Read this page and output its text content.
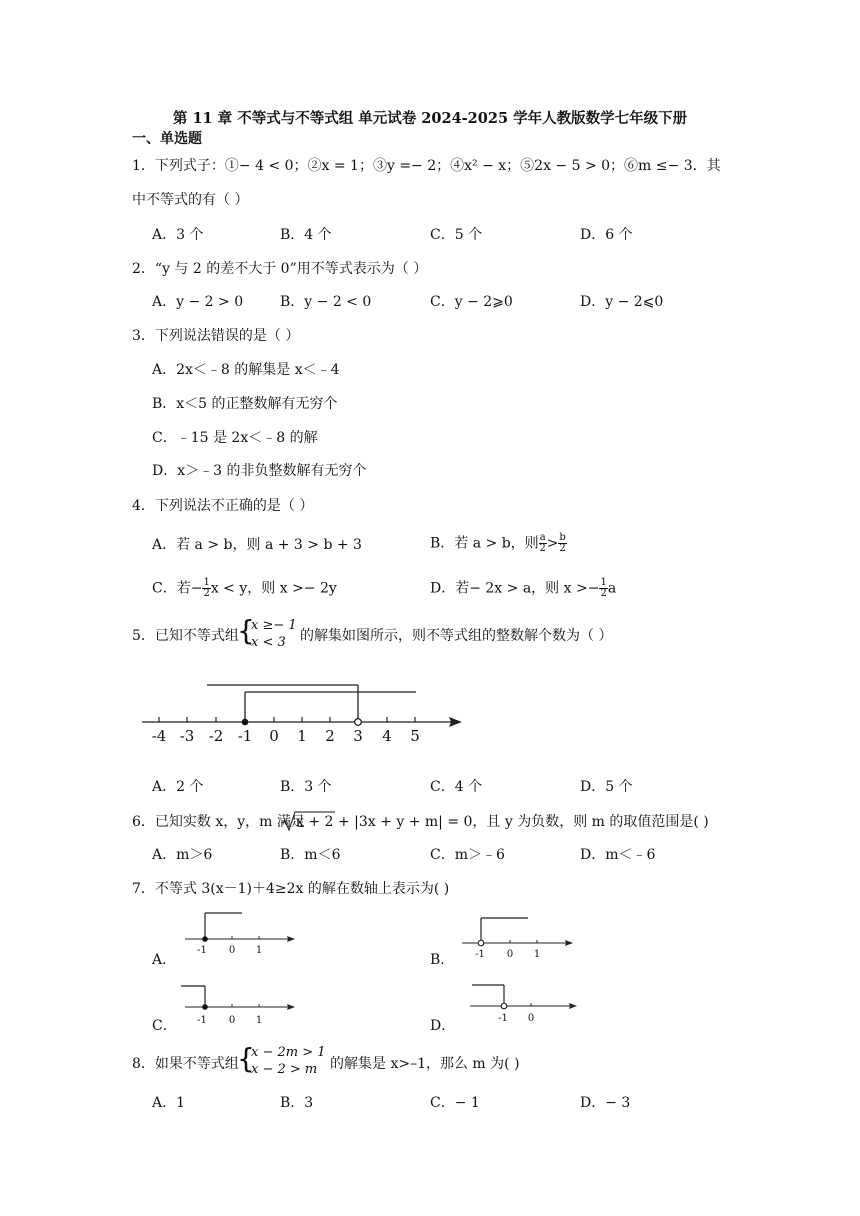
第 11 章 不等式与不等式组 单元试卷 2024-2025 学年人教版数学七年级下册
一、单选题
1．下列式子：①− 4 < 0；②x = 1；③y =− 2；④x² − x；⑤2x − 5 > 0；⑥m ≤− 3．其
中不等式的有（ ）
A．3 个	B．4 个	C．5 个	D．6 个
2．“y 与 2 的差不大于 0”用不等式表示为（ ）
A．y − 2 > 0	B．y − 2 < 0	C．y − 2⩾0	D．y − 2⩽0
3．下列说法错误的是（ ）
A．2x＜﹣8 的解集是 x＜﹣4
B．x＜5 的正整数解有无穷个
C．﹣15 是 2x＜﹣8 的解
D．x＞﹣3 的非负整数解有无穷个
4．下列说法不正确的是（ ）
A．若 a > b，则 a + 3 > b + 3	B．若 a > b，则 $\frac{a}{2} > \frac{b}{2}$
C．若− $\frac{1}{2}$ x < y，则 x >− 2y	D．若− 2x > a，则 $x >- \frac{1}{2}$ a
5．已知不等式组
{
x ≥− 1
x < 3 的解集如图所示，则不等式组的整数解个数为（ ）
-4 -3 -2 -1 0 1 2 3 4 5
-1 0 1	-1 0 1
-1 0 1	-1 0
A．2 个	B．3 个	C．4 个	D．5 个
6．已知实数 x，y，m 满足
x + 2 + |3x + y + m| = 0，且 y 为负数，则 m 的取值范围是( )
A．m＞6	B．m＜6	C．m＞﹣6	D．m＜﹣6
7．不等式 3(x－1)＋4≥2x 的解在数轴上表示为( )
A．	B．
C．	D．
8．如果不等式组
{
x − 2m > 1
x − 2 > m 的解集是 x>–1，那么 m 为( )
A．1	B．3	C．− 1	D．− 3
